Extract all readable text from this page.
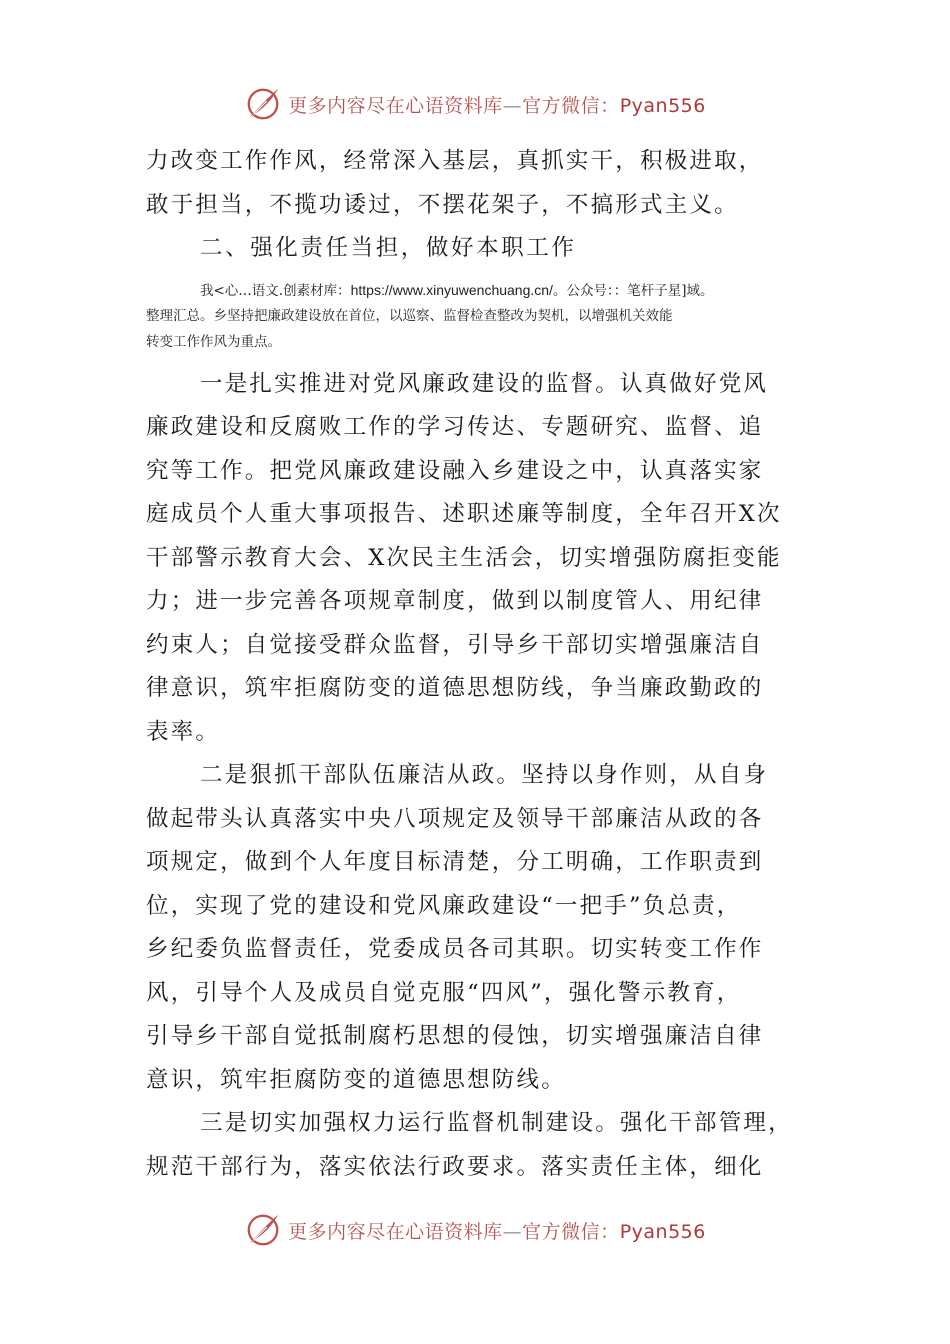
更多内容尽在心语资料库—官方微信：Pyan556
力改变工作作风，经常深入基层，真抓实干，积极进取，
敢于担当，不揽功诿过，不摆花架子，不搞形式主义。
二、强化责任当担，做好本职工作
我<心…语文.创素材库：https://www.xinyuwenchuang.cn/。公众号：：笔杆子星]域。
整理汇总。乡坚持把廉政建设放在首位，以巡察、监督检查整改为契机，以增强机关效能
转变工作作风为重点。
一是扎实推进对党风廉政建设的监督。认真做好党风
廉政建设和反腐败工作的学习传达、专题研究、监督、追
究等工作。把党风廉政建设融入乡建设之中，认真落实家
庭成员个人重大事项报告、述职述廉等制度，全年召开X次
干部警示教育大会、X次民主生活会，切实增强防腐拒变能
力；进一步完善各项规章制度，做到以制度管人、用纪律
约束人；自觉接受群众监督，引导乡干部切实增强廉洁自
律意识，筑牢拒腐防变的道德思想防线，争当廉政勤政的
表率。
二是狠抓干部队伍廉洁从政。坚持以身作则，从自身
做起带头认真落实中央八项规定及领导干部廉洁从政的各
项规定，做到个人年度目标清楚，分工明确，工作职责到
位，实现了党的建设和党风廉政建设“一把手”负总责，
乡纪委负监督责任，党委成员各司其职。切实转变工作作
风，引导个人及成员自觉克服“四风”，强化警示教育，
引导乡干部自觉抵制腐朽思想的侵蚀，切实增强廉洁自律
意识，筑牢拒腐防变的道德思想防线。
三是切实加强权力运行监督机制建设。强化干部管理，
规范干部行为，落实依法行政要求。落实责任主体，细化
更多内容尽在心语资料库—官方微信：Pyan556
